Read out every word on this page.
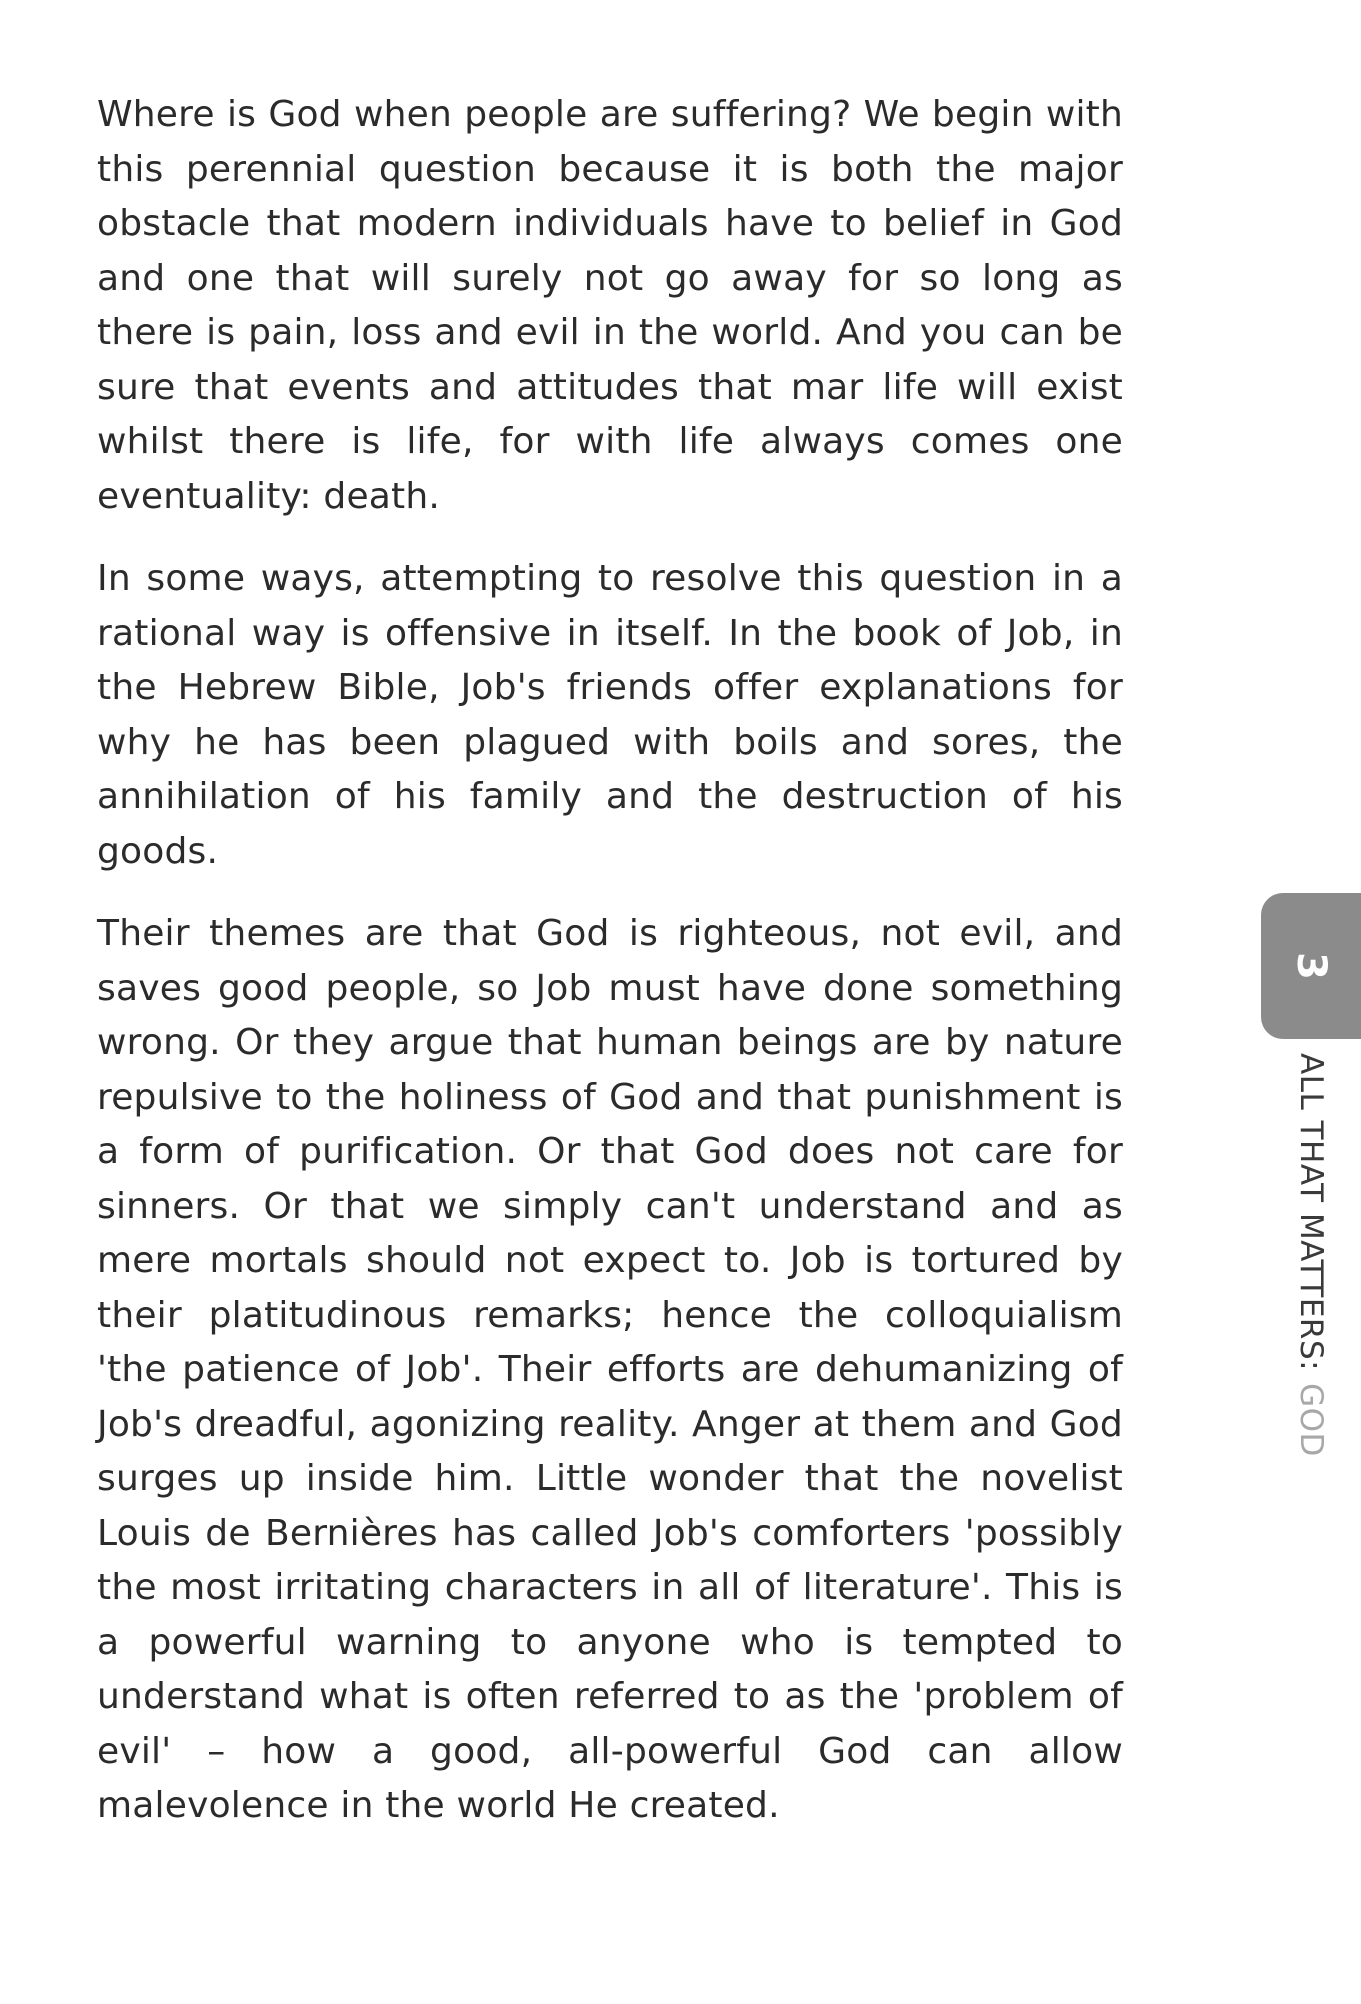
Where is God when people are suffering? We begin with this perennial question because it is both the major obstacle that modern individuals have to belief in God and one that will surely not go away for so long as there is pain, loss and evil in the world. And you can be sure that events and attitudes that mar life will exist whilst there is life, for with life always comes one eventuality: death.

In some ways, attempting to resolve this question in a rational way is offensive in itself. In the book of Job, in the Hebrew Bible, Job's friends offer explanations for why he has been plagued with boils and sores, the annihilation of his family and the destruction of his goods.

Their themes are that God is righteous, not evil, and saves good people, so Job must have done something wrong. Or they argue that human beings are by nature repulsive to the holiness of God and that punishment is a form of purification. Or that God does not care for sinners. Or that we simply can't understand and as mere mortals should not expect to. Job is tortured by their platitudinous remarks; hence the colloquialism 'the patience of Job'. Their efforts are dehumanizing of Job's dreadful, agonizing reality. Anger at them and God surges up inside him. Little wonder that the novelist Louis de Bernières has called Job's comforters 'possibly the most irritating characters in all of literature'. This is a powerful warning to anyone who is tempted to understand what is often referred to as the 'problem of evil' – how a good, all-powerful God can allow malevolence in the world He created.

3
ALL THAT MATTERS:GOD
